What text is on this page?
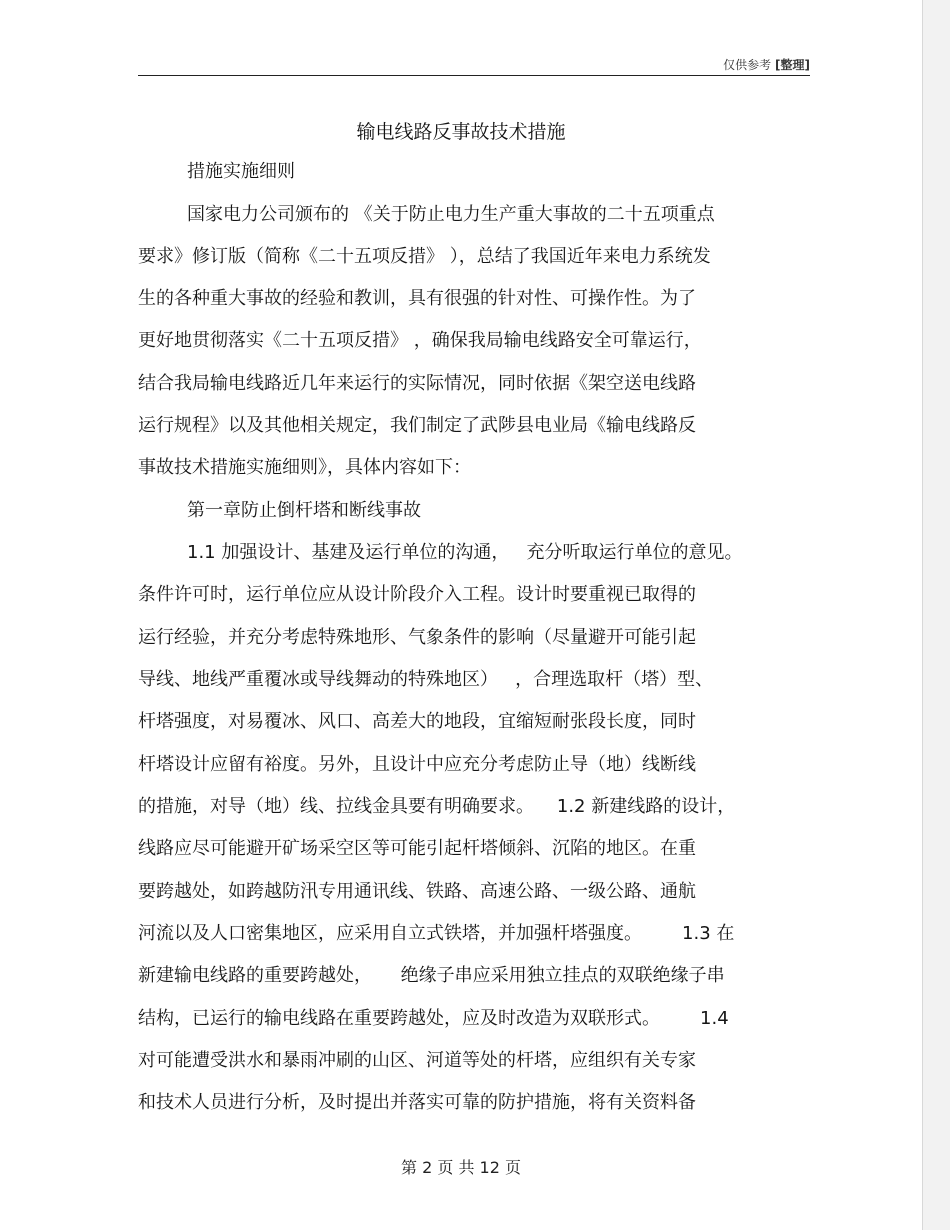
仅供参考 [整理]
输电线路反事故技术措施
措施实施细则
国家电力公司颁布的 《关于防止电力生产重大事故的二十五项重点
要求》修订版（简称《二十五项反措》 ），总结了我国近年来电力系统发
生的各种重大事故的经验和教训，具有很强的针对性、可操作性。为了
更好地贯彻落实《二十五项反措》 ，确保我局输电线路安全可靠运行，
结合我局输电线路近几年来运行的实际情况，同时依据《架空送电线路
运行规程》以及其他相关规定，我们制定了武陟县电业局《输电线路反
事故技术措施实施细则》，具体内容如下：
第一章防止倒杆塔和断线事故
1.1 加强设计、基建及运行单位的沟通，   充分听取运行单位的意见。
条件许可时，运行单位应从设计阶段介入工程。设计时要重视已取得的
运行经验，并充分考虑特殊地形、气象条件的影响（尽量避开可能引起
导线、地线严重覆冰或导线舞动的特殊地区）   ，合理选取杆（塔）型、
杆塔强度，对易覆冰、风口、高差大的地段，宜缩短耐张段长度，同时
杆塔设计应留有裕度。另外，且设计中应充分考虑防止导（地）线断线
的措施，对导（地）线、拉线金具要有明确要求。    1.2 新建线路的设计，
线路应尽可能避开矿场采空区等可能引起杆塔倾斜、沉陷的地区。在重
要跨越处，如跨越防汛专用通讯线、铁路、高速公路、一级公路、通航
河流以及人口密集地区，应采用自立式铁塔，并加强杆塔强度。       1.3 在
新建输电线路的重要跨越处，     绝缘子串应采用独立挂点的双联绝缘子串
结构，已运行的输电线路在重要跨越处，应及时改造为双联形式。       1.4
对可能遭受洪水和暴雨冲刷的山区、河道等处的杆塔，应组织有关专家
和技术人员进行分析，及时提出并落实可靠的防护措施，将有关资料备
第 2 页 共 12 页
